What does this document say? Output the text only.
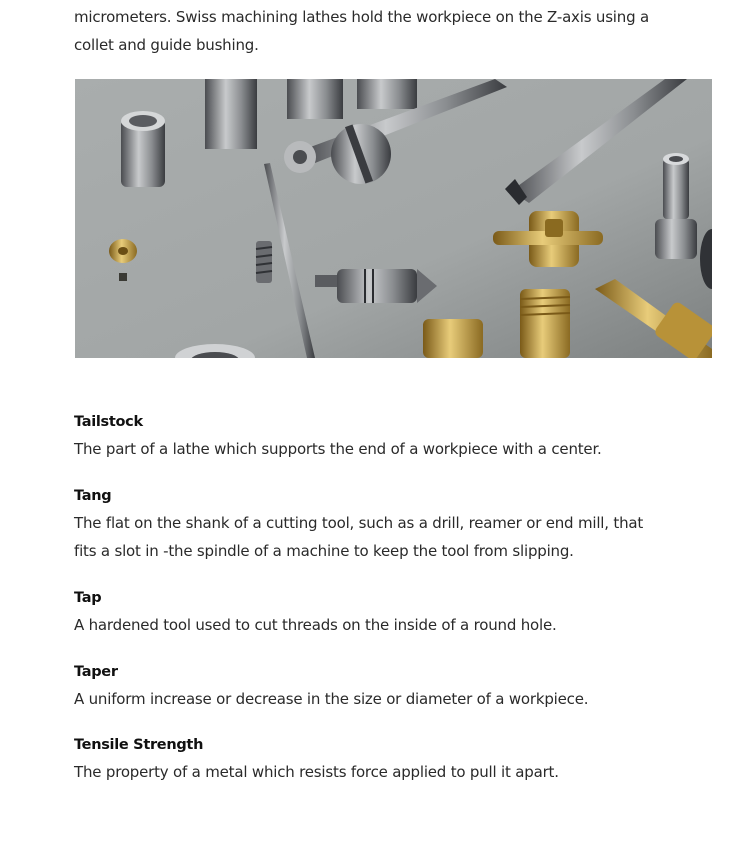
micrometers. Swiss machining lathes hold the workpiece on the Z-axis using a
collet and guide bushing.

Tailstock
The part of a lathe which supports the end of a workpiece with a center.
Tang
The flat on the shank of a cutting tool, such as a drill, reamer or end mill, that fits a slot in -the spindle of a machine to keep the tool from slipping.
Tap
A hardened tool used to cut threads on the inside of a round hole.
Taper
A uniform increase or decrease in the size or diameter of a workpiece.
Tensile Strength
The property of a metal which resists force applied to pull it apart.
